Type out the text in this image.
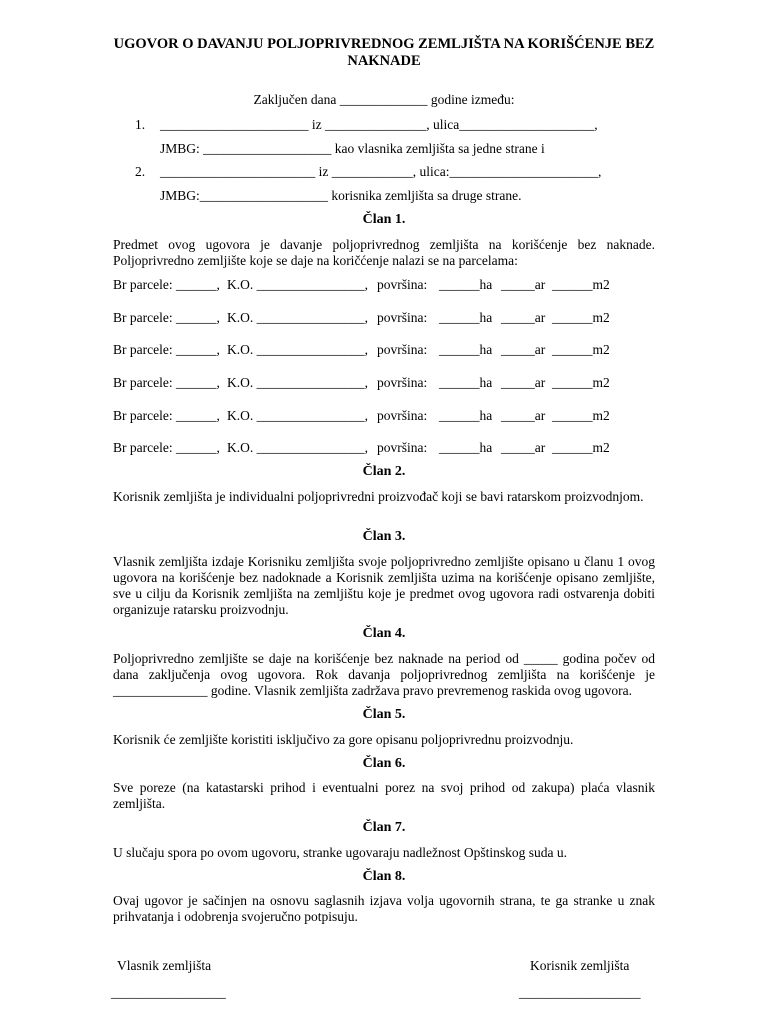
UGOVOR O DAVANJU POLJOPRIVREDNOG ZEMLJIŠTA NA KORIŠĆENJE BEZ
NAKNADE
Zaključen dana _____________ godine između:
1. ______________________ iz _______________, ulica____________________,
JMBG: ___________________ kao vlasnika zemljišta sa jedne strane i
2. _______________________ iz ____________, ulica:______________________,
JMBG:___________________ korisnika zemljišta sa druge strane.
Član 1.
Predmet ovog ugovora je davanje poljoprivrednog zemljišta na korišćenje bez naknade. Poljoprivredno zemljište koje se daje na koričćenje nalazi se na parcelama:
Br parcele: ______, K.O. ________________, površina: ______ha _____ar ______m2
Br parcele: ______, K.O. ________________, površina: ______ha _____ar ______m2
Br parcele: ______, K.O. ________________, površina: ______ha _____ar ______m2
Br parcele: ______, K.O. ________________, površina: ______ha _____ar ______m2
Br parcele: ______, K.O. ________________, površina: ______ha _____ar ______m2
Br parcele: ______, K.O. ________________, površina: ______ha _____ar ______m2
Član 2.
Korisnik zemljišta je individualni poljoprivredni proizvođač koji se bavi ratarskom proizvodnjom.
Član 3.
Vlasnik zemljišta izdaje Korisniku zemljišta svoje poljoprivredno zemljište opisano u članu 1 ovog ugovora na korišćenje bez nadoknade a Korisnik zemljišta uzima na korišćenje opisano zemljište, sve u cilju da Korisnik zemljišta na zemljištu koje je predmet ovog ugovora radi ostvarenja dobiti organizuje ratarsku proizvodnju.
Član 4.
Poljoprivredno zemljište se daje na korišćenje bez naknade na period od _____ godina počev od dana zaključenja ovog ugovora. Rok davanja poljoprivrednog zemljišta na korišćenje je ______________ godine. Vlasnik zemljišta zadržava pravo prevremenog raskida ovog ugovora.
Član 5.
Korisnik će zemljište koristiti isključivo za gore opisanu poljoprivrednu proizvodnju.
Član 6.
Sve poreze (na katastarski prihod i eventualni porez na svoj prihod od zakupa) plaća vlasnik zemljišta.
Član 7.
U slučaju spora po ovom ugovoru, stranke ugovaraju nadležnost Opštinskog suda u.
Član 8.
Ovaj ugovor je sačinjen na osnovu saglasnih izjava volja ugovornih strana, te ga stranke u znak prihvatanja i odobrenja svojeručno potpisuju.
Vlasnik zemljišta
_________________
Korisnik zemljišta
__________________
